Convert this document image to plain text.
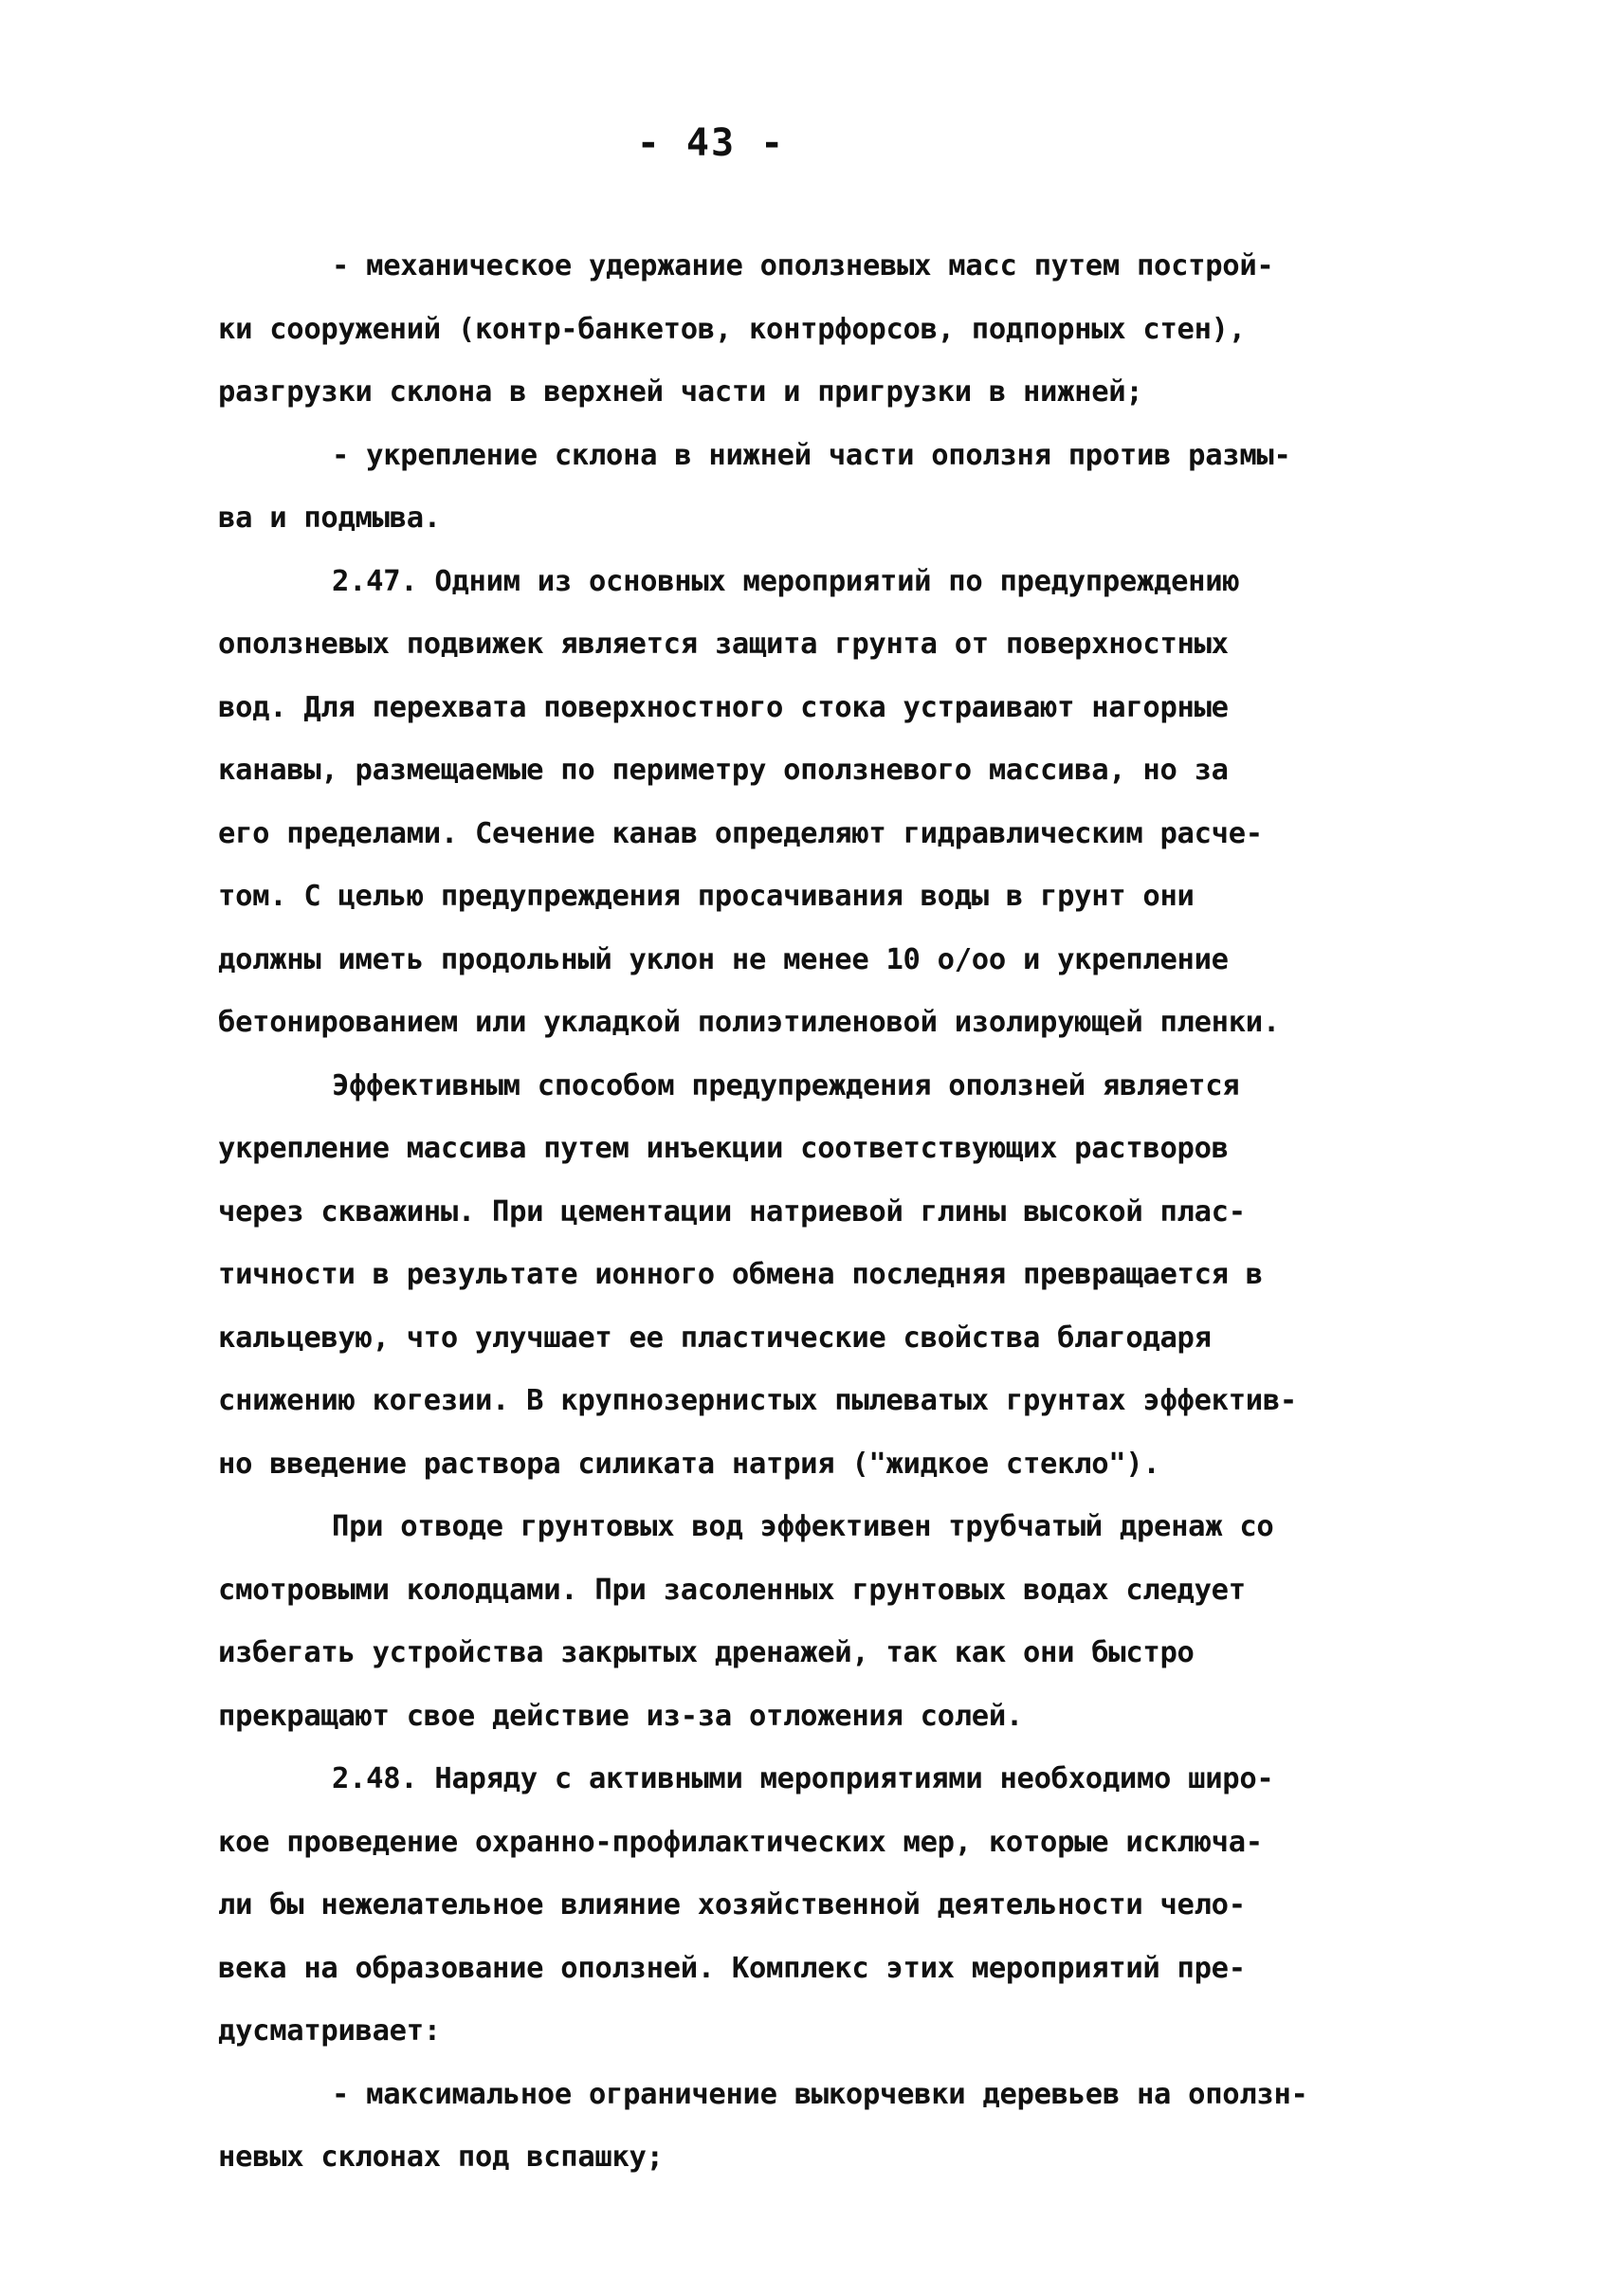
- 43 -
- механическое удержание оползневых масс путем построй-
ки сооружений (контр-банкетов, контрфорсов, подпорных стен),
разгрузки склона в верхней части и пригрузки в нижней;
- укрепление склона в нижней части оползня против размы-
ва и подмыва.
2.47. Одним из основных мероприятий по предупреждению
оползневых подвижек является защита грунта от поверхностных
вод. Для перехвата поверхностного стока устраивают нагорные
канавы, размещаемые по периметру оползневого массива, но за
его пределами. Сечение канав определяют гидравлическим расче-
том. С целью предупреждения просачивания воды в грунт они
должны иметь продольный уклон не менее 10 о/оо и укрепление
бетонированием или укладкой полиэтиленовой изолирующей пленки.
Эффективным способом предупреждения оползней является
укрепление массива путем инъекции соответствующих растворов
через скважины. При цементации натриевой глины высокой плас-
тичности в результате ионного обмена последняя превращается в
кальцевую, что улучшает ее пластические свойства благодаря
снижению когезии. В крупнозернистых пылеватых грунтах эффектив-
но введение раствора силиката натрия ("жидкое стекло").
При отводе грунтовых вод эффективен трубчатый дренаж со
смотровыми колодцами. При засоленных грунтовых водах следует
избегать устройства закрытых дренажей, так как они быстро
прекращают свое действие из-за отложения солей.
2.48. Наряду с активными мероприятиями необходимо широ-
кое проведение охранно-профилактических мер, которые исключа-
ли бы нежелательное влияние хозяйственной деятельности чело-
века на образование оползней. Комплекс этих мероприятий пре-
дусматривает:
- максимальное ограничение выкорчевки деревьев на оползн-
невых склонах под вспашку;
